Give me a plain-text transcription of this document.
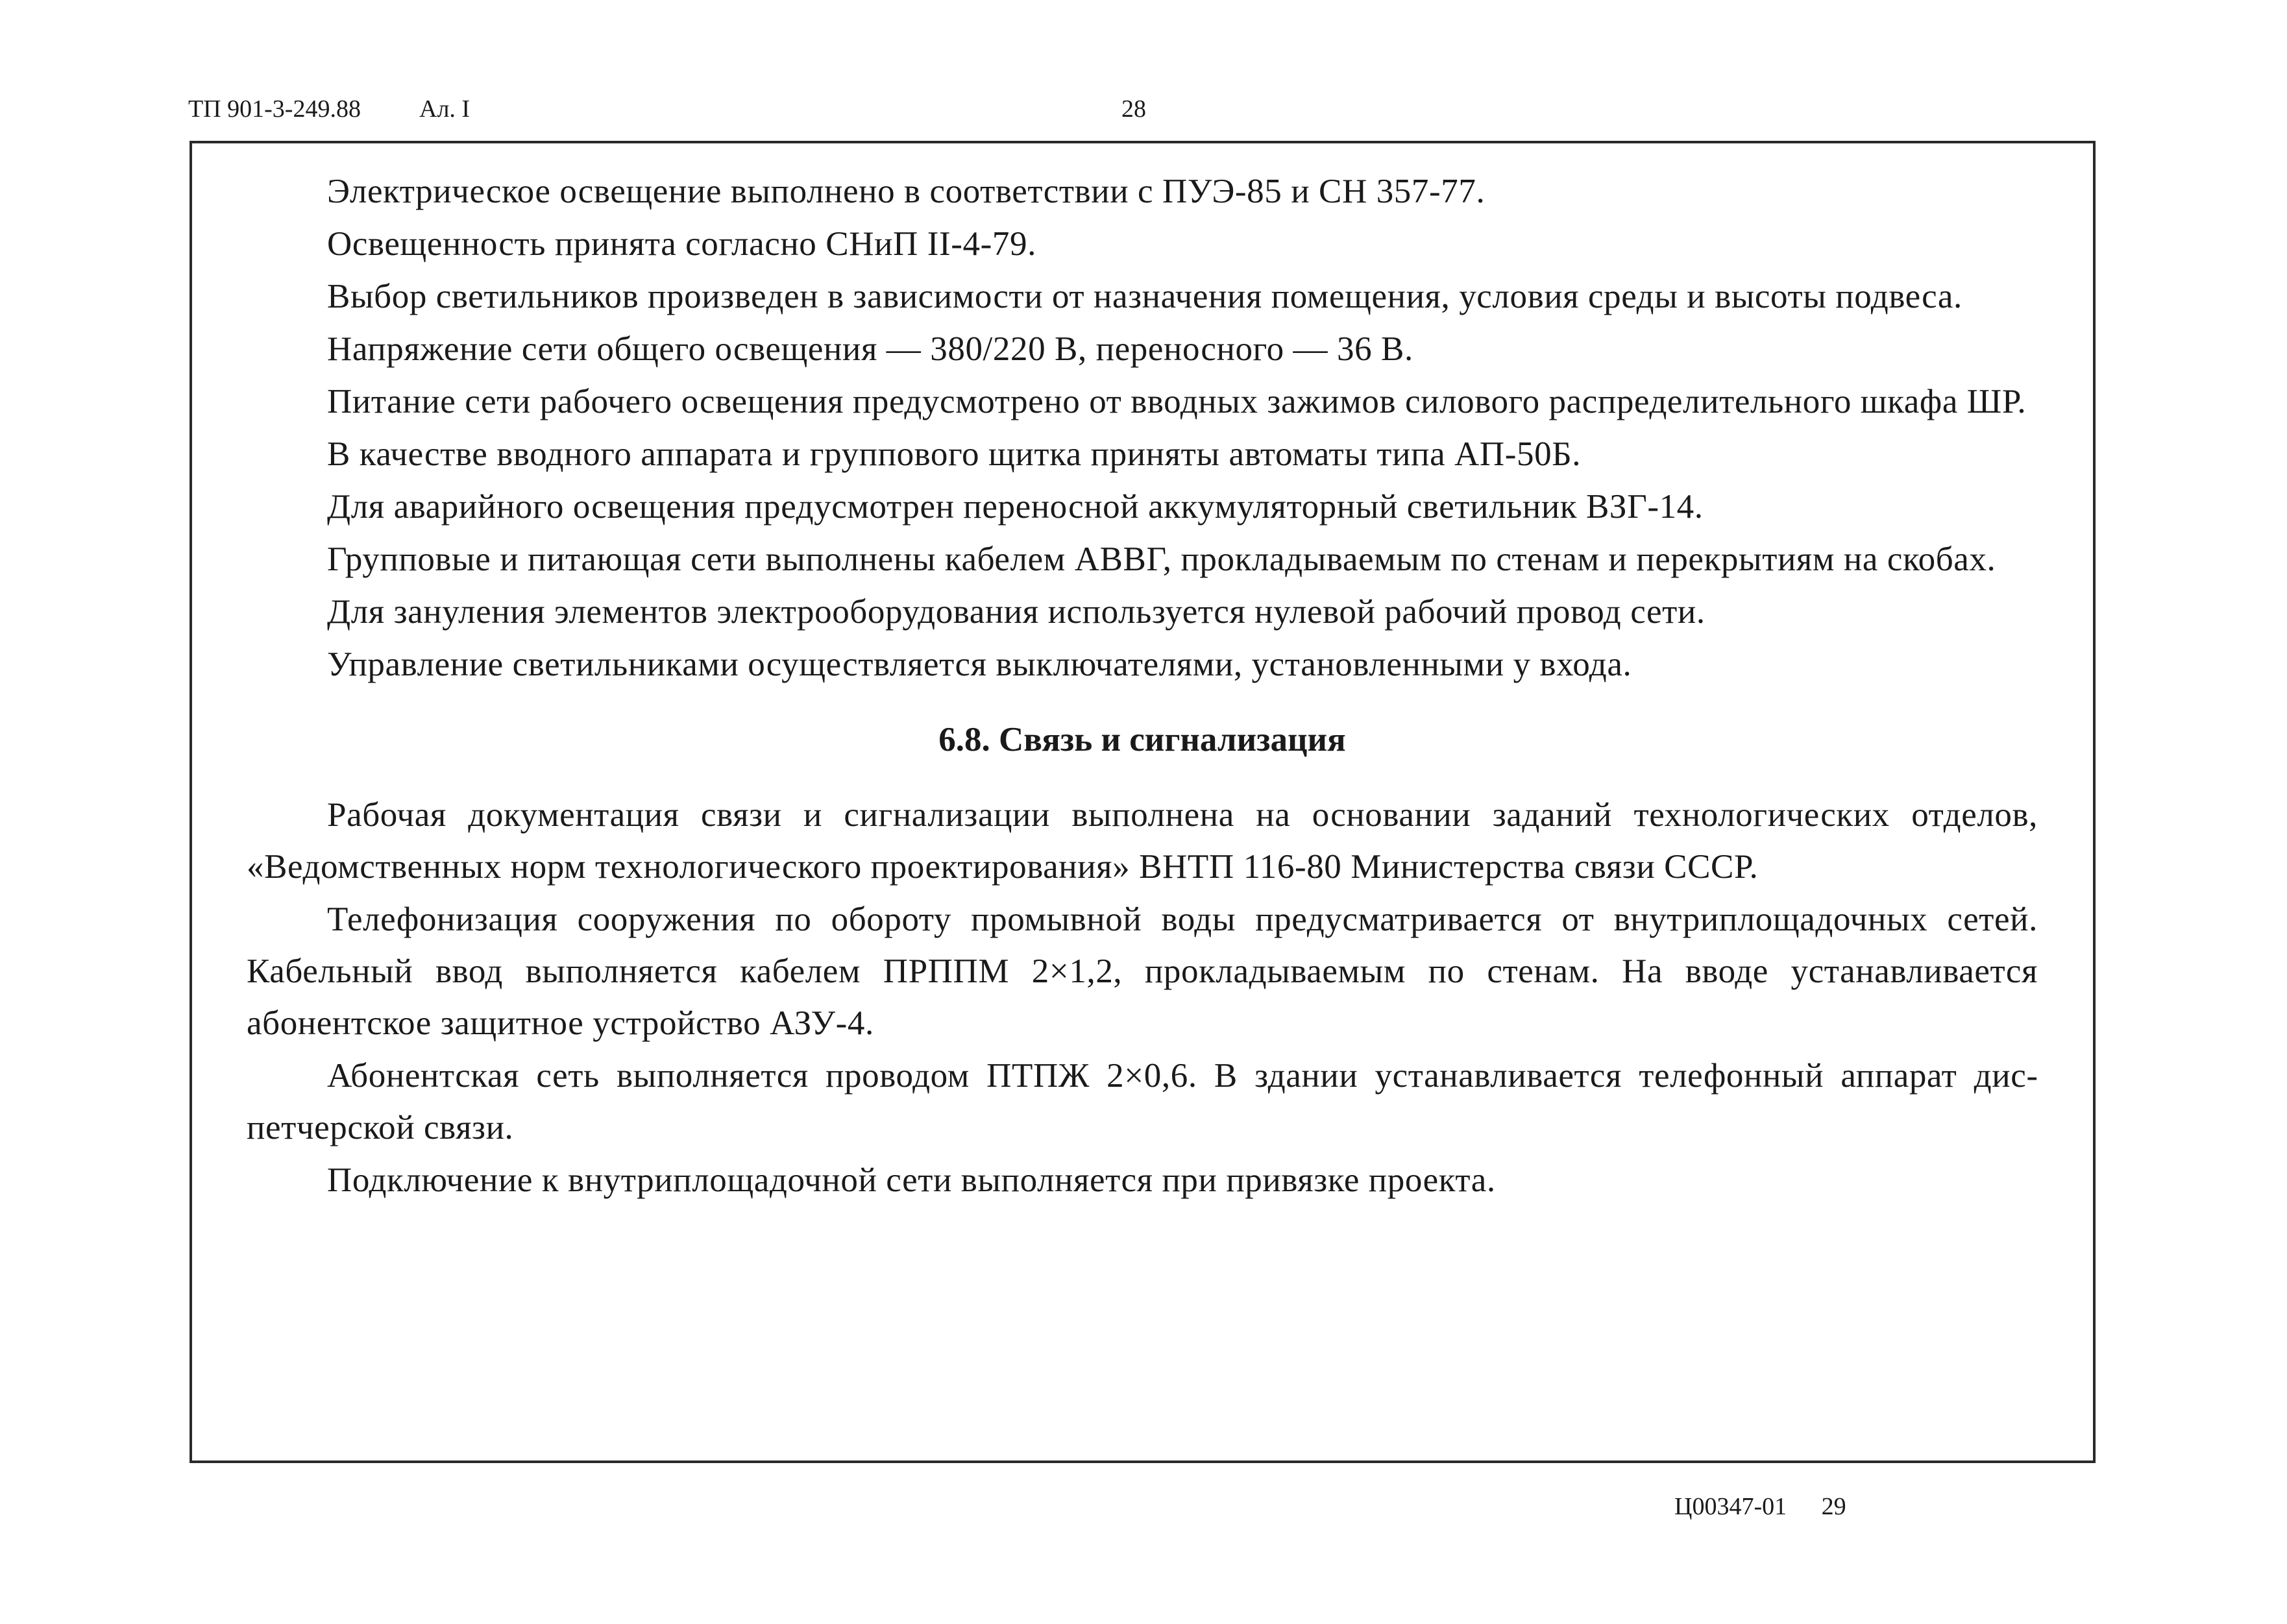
ТП 901-3-249.88 Ал. I	28

Электрическое освещение выполнено в соответствии с ПУЭ-85 и СН 357-77.

Освещенность принята согласно СНиП II-4-79.

Выбор светильников произведен в зависимости от назначения помещения, условия среды и высоты подвеса.

Напряжение сети общего освещения — 380/220 В, переносного — 36 В.

Питание сети рабочего освещения предусмотрено от вводных зажимов силового распределительного шкафа ШР.

В качестве вводного аппарата и группового щитка приняты автоматы типа АП-50Б.

Для аварийного освещения предусмотрен переносной аккумуляторный светильник ВЗГ-14.

Групповые и питающая сети выполнены кабелем АВВГ, прокладываемым по стенам и перекрытиям на скобах.

Для зануления элементов электрооборудования используется нулевой рабочий провод сети.

Управление светильниками осуществляется выключателями, установленными у входа.

6.8. Связь и сигнализация

Рабочая документация связи и сигнализации выполнена на основании заданий технологических отделов, «Ведомственных норм технологического проектирования» ВНТП 116-80 Министерства связи СССР.

Телефонизация сооружения по обороту промывной воды предусматривается от внутриплощадочных сетей. Кабельный ввод выполняется кабелем ПРППМ 2×1,2, прокладываемым по стенам. На вводе устанавливается абонентское защитное устройство АЗУ-4.

Абонентская сеть выполняется проводом ПТПЖ 2×0,6. В здании устанавливается телефонный аппарат диспетчерской связи.

Подключение к внутриплощадочной сети выполняется при привязке проекта.

Ц00347-01 29
